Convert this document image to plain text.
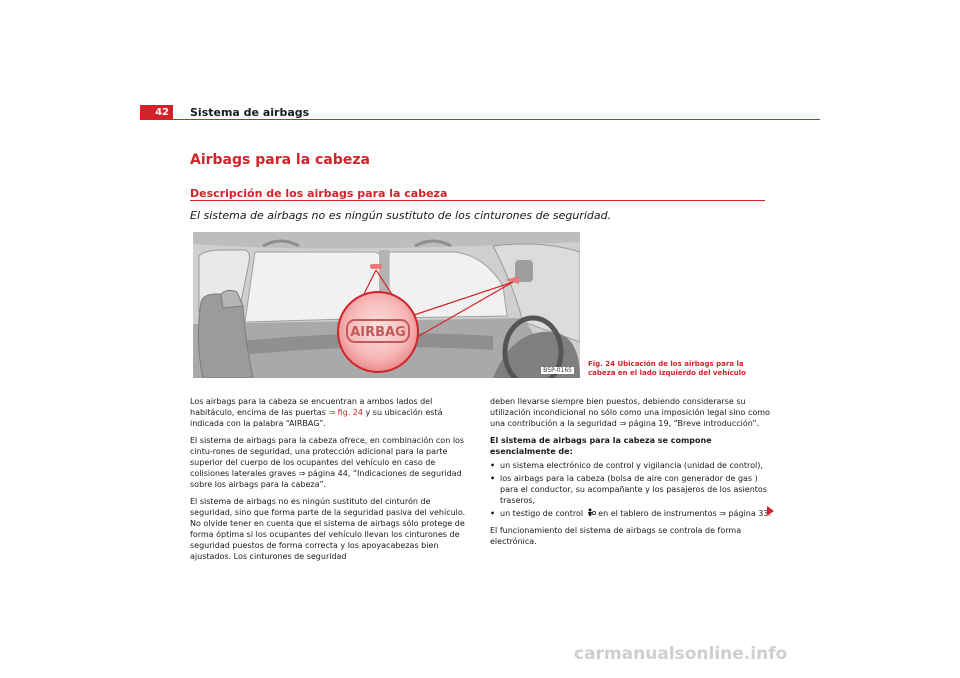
42	Sistema de airbags
Airbags para la cabeza
Descripción de los airbags para la cabeza
El sistema de airbags no es ningún sustituto de los cinturones de seguridad.
AIRBAG
B5P-0165
Fig. 24 Ubicación de los airbags para la cabeza en el lado izquierdo del vehículo

Los airbags para la cabeza se encuentran a ambos lados del habitáculo, encima de las puertas ⇒ fig. 24 y su ubicación está indicada con la palabra “AIRBAG”.

El sistema de airbags para la cabeza ofrece, en combinación con los cintu-rones de seguridad, una protección adicional para la parte superior del cuerpo de los ocupantes del vehículo en caso de colisiones laterales graves ⇒ página 44, “Indicaciones de seguridad sobre los airbags para la cabeza”.

El sistema de airbags no es ningún sustituto del cinturón de seguridad, sino que forma parte de la seguridad pasiva del vehículo. No olvide tener en cuenta que el sistema de airbags sólo protege de forma óptima si los ocupantes del vehículo llevan los cinturones de seguridad puestos de forma correcta y los apoyacabezas bien ajustados. Los cinturones de seguridad

deben llevarse siempre bien puestos, debiendo considerarse su utilización incondicional no sólo como una imposición legal sino como una contribución a la seguridad ⇒ página 19, “Breve introducción”.

El sistema de airbags para la cabeza se compone esencialmente de:

• un sistema electrónico de control y vigilancia (unidad de control),
• los airbags para la cabeza (bolsa de aire con generador de gas ) para el conductor, su acompañante y los pasajeros de los asientos traseros,
• un testigo de control  en el tablero de instrumentos ⇒ página 33.

El funcionamiento del sistema de airbags se controla de forma electrónica.

carmanualsonline.info
